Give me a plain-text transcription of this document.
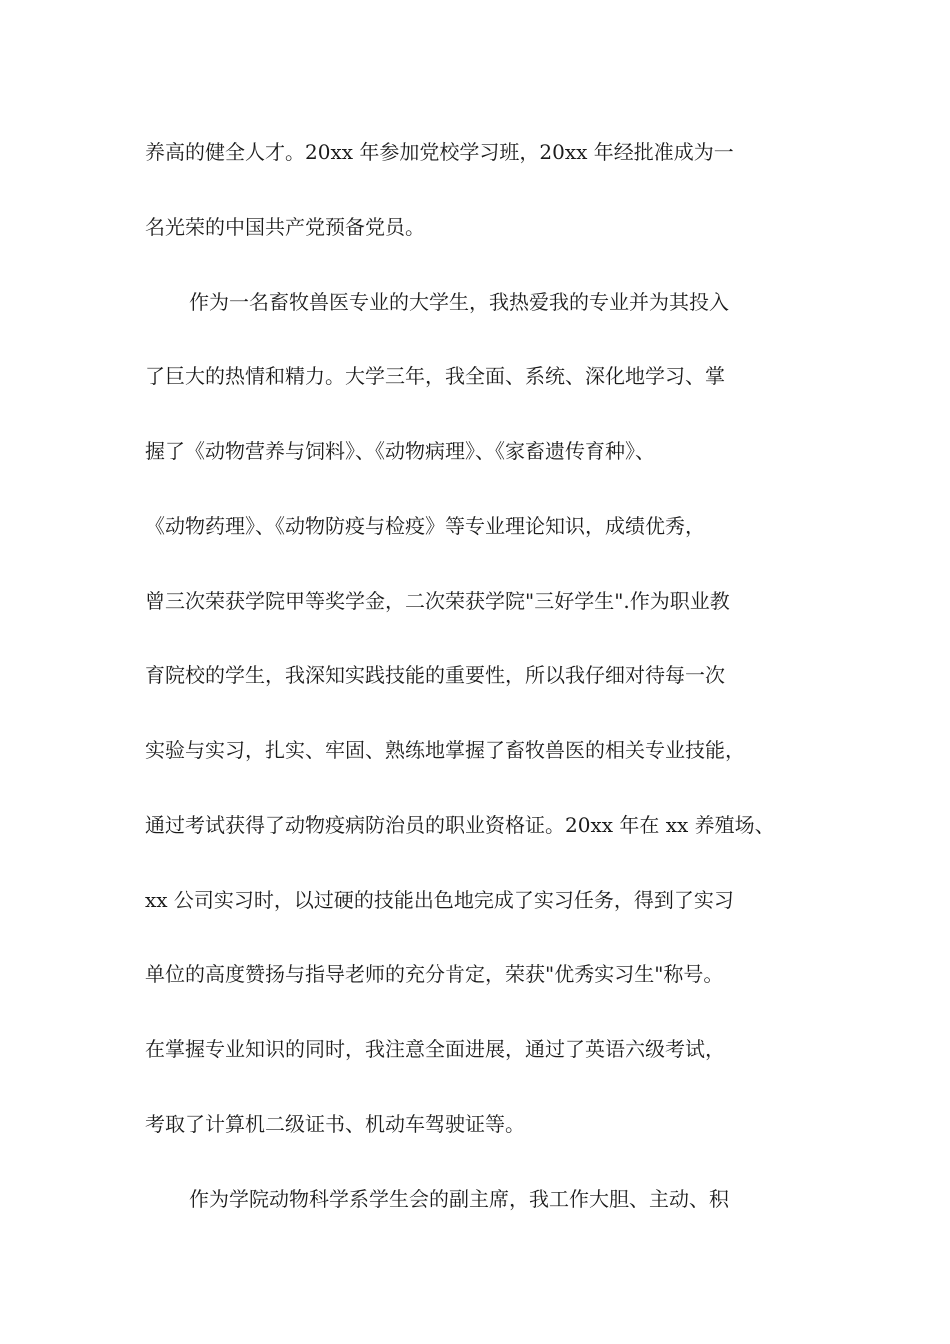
养高的健全人才。20xx 年参加党校学习班，20xx 年经批准成为一
名光荣的中国共产党预备党员。
作为一名畜牧兽医专业的大学生，我热爱我的专业并为其投入
了巨大的热情和精力。大学三年，我全面、系统、深化地学习、掌
握了《动物营养与饲料》、《动物病理》、《家畜遗传育种》、
《动物药理》、《动物防疫与检疫》等专业理论知识，成绩优秀，
曾三次荣获学院甲等奖学金，二次荣获学院"三好学生".作为职业教
育院校的学生，我深知实践技能的重要性，所以我仔细对待每一次
实验与实习，扎实、牢固、熟练地掌握了畜牧兽医的相关专业技能，
通过考试获得了动物疫病防治员的职业资格证。20xx 年在 xx 养殖场、
xx 公司实习时，以过硬的技能出色地完成了实习任务，得到了实习
单位的高度赞扬与指导老师的充分肯定，荣获"优秀实习生"称号。
在掌握专业知识的同时，我注意全面进展，通过了英语六级考试，
考取了计算机二级证书、机动车驾驶证等。
作为学院动物科学系学生会的副主席，我工作大胆、主动、积
